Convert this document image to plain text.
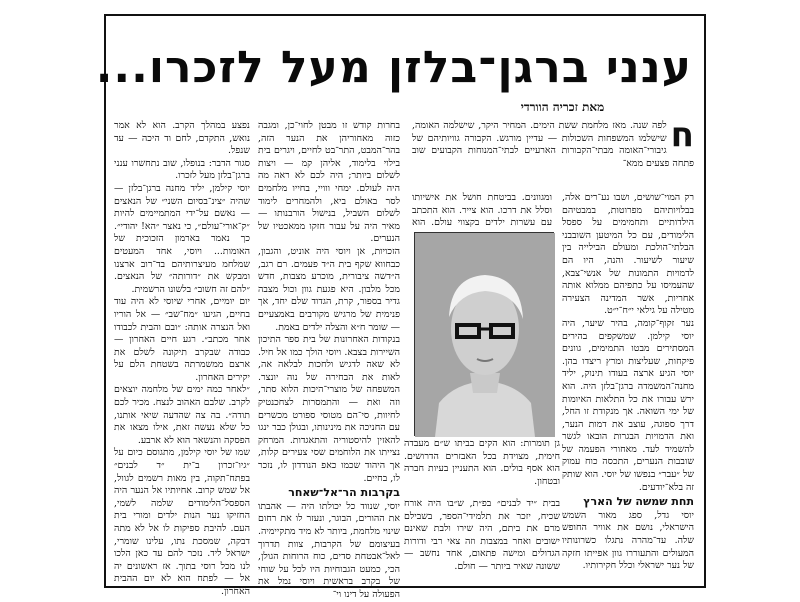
ענני ברגן־בלזן מעל לזכרו...
מאת זכריה הוורדי
ח

לפה שנה. מאז מלחמת ששת הימים. המחיר היקר, שישלמה האומה, שישלמו המשפחות השכולות — עדיין מורגש. הקבורה גוויותיהם של גיבורי־האומה מבתי־הקבורות הארעיים לבתי־המנוחות הקבועים שוב פתחה פצעים ממא־

ומגוונים. בביטחת חושל את אישיותו וסלל את דרכו. הוא צייר. הוא התכתב עם עשרות ילדים בקצווי עולם. הוא

רק המוי־שושים, ושבו נע־רים אלה, בבלויותיהם מפרוטות, במבטיהם הילדותיים ותחמימים על ספסל הלימודים, עם כל המיטען השובבני הבלתי־הולכת ומעולם הבילייה בין שיעור לשיעור. והנה, היו הם לדמויות התמונות של אנשי־צבא, שהעמיסו על כתפיהם ממלוא אותה אחריות, אשר המדינה הצעירה מטילה על גילאי י״ח־י״ט.

נער זקוף־קומה, בהיר שיער, היה יוסי קילמן. שמשקפים בהירים המסתירים מבטו התמימים, גוונים פיקחות, שעליצות ומרץ ריצדו בהן. יוסי הגיע ארצה בעודו תינוק, יליד מחנה־המשמדה ברגן־בלזן היה. הוא ירש עבורו את כל התלאות האיומות של ימי השואה. אך מנקודת זו החל, דרך ספוגה, עוצב את דמות הנער, ואת הדמויות הבגרות הובאו לגשר להשמיד לעד. מאחורי הפעמה של שובבות הנערים, התכסה כוח עמוק של ״עבר״ בנפשו של יוסי. הוא שותק זה בלא־יודעים.

תחת שמשה של הארץ

יוסי גדל, ספג מאור השמש הישראלי, נושם את אוויר החופש שלה. עד־מהרה נתגלו כשרונותיו המעולים והתעוררו גוון אפייתו חזקה של נער ישראלי וכלל חקירותיו.

גן תומרות: הוא הקים בביתו ש״ם מעבדה חימית, מצוידת בכל האבזרים הדרושים. הוא אסף בולים. הוא התעניין בעיות חברה ובטחון.

בבית ״יד לבנים״ בפ״ת, ש״בו היה אורח שכיח, יזכר את תלמידי־הספר, בשבילם מרם את ביתם, היה שירו ולבת שאינם ישובים ואחר במצבות וזה צאי רבי ודורות הגדולים ומישה פתאום, אחד נחשב — ששונה שאיר ביותר — חולם.

בחרות קודש זו מבטן לחוי־כן, ומגבה כזוה מאחוריהן את הנער הזה, בהר־המבט, התר־בט לחיים, ויגרים בית בילוי בלימוד, אליהן קמ — ויצות לשלום ביותר; היה לכם לא ראה מה היה לעולם. ימחי ווויי, בחייו מלחמים לסר באולם ביא, ולהמחרים לימוד לשלום השביל, בנישול הורבנותו — מאיר היה על עבור חזקו ממאכטיו של הנערים.

הזכויות, אן ויוסי היה אוניט, והגבון, כבחווא שקף בית ה״ד פעמים. רם רגב, ה״דשה ציבורית, מוכרע מצבות, חדש מכל מלבון. היא פגעת גוון וכול מצבה גדיר בספור, קרת, הגדוד שלם יחד, אך פנימית של מרגיש מקורבים באמצעיים — שומר ח״א והצלה ילדים באמת.

בנקודות האחרונות של בית ספר התיכון השיירות בצבא. ויוסי הולך כמו אל חיל. לא שאה לדגיש ולחכות לבלאה אה, לאות את הבחירה של נוה יונצר. המשפחה של מוצרי־היכות הלוא סתר, וזה ואת — והתמסרות לצחכנטיק לחיוות, סי־הם מטוסי ספורט מכשרים עם החניכה את מינינותו, ובגולן כבר ינגו להאזין להיסטוריה והתאגדות. המרחק נצייתו את הלוחמים שסי צעירים קלות, אך היהוד שכמו כאפ הנודדון לו, נזכר לו, בחיים.

בקרבות הר־אל־שאחר

יוסי, שנווד כל יכולתו היה — אהבתו את ההורים, הבוגר, ונעזר לו את רחום שינוי מלחמת, ביותר לא מיד מתקיימיה. בעיצומם של הקרבות, צוות תדרוך לאל־אבטחת סדים, כוח הרוחות הגולן, הכי, כמעט הגבוחיות היו לכל על שוחי של בקרב בראשית ויוסי נמל את הפעולה על דינו וי־

נפצע במהלך הקרב. הוא לא אמר נואש, התקדם, לחם וד היכה — עד שנפל.

סגור הדבר: בנופלו, שוב נתחשרו ענני ברגן־בלזן מעל לזכרו.

יוסי קילמן, יליד מחנה ברגן־בלזן — שהיה ״צינ־בסיום השני״ של הנאצים — נאשם על־ידי המתמיימים להיות ״ק־אורי־עולם״, כי נאצר ״הא! יהודי״. כך נאמר בארמון הזכוכית של האומות... ויוסי, אחד המעטים שמלחמ מעיצרותיהם בד־רוב ארצנו ומבקש את ״דורותה״ של הנאצים. ״להם זה חשוב״ בלשונו הרשמית.

יום יומיים, אחרי שיוסי לא היה עוד בחיים, הגיעו ״מח־שב״ — אל הוריו ואל הנצרה אותה: ״ובם והבית לכבודו אחר מכתב״. רגע חיים האחרון — כבודה שבקרב תיקונה לשלם את ארצם ממשמרתה בשטחת הלם על יקירים האחרון.

״לאחר כמה ימים של מלחמה יוצאים לקרב. שלבם האהוב לנצח. מכיר לכם תודה״. בה צה שהדעה שיאי אותנו, כל שלא נעשה זאת, אילו מצאו את הפסקה והנשאר הוא לא ארבע.

שמו של יוסי קילמן, מתגוסם כיום על ״גיו־זכרון ב־ית ״ד לבנים״ בפתח־תקוה, בין מאות רשמים לגוול, אל שמש קרוב. אחיותיו אל הנער היה הספסל־הלימודים שלמה לשמי, החזיקו נער הנות ילדים ומורי בית העם. להיבת ספיקות לו אל לא מתה דבקה, שמסכת נתו, עלינו שומרי, ישראל ליד. נזכר להם עד כאן הלכו לנו מכל רוסי בתוך. אז ראשונים יה אל — לפתח הוא לא יום ההבית האחרון.
